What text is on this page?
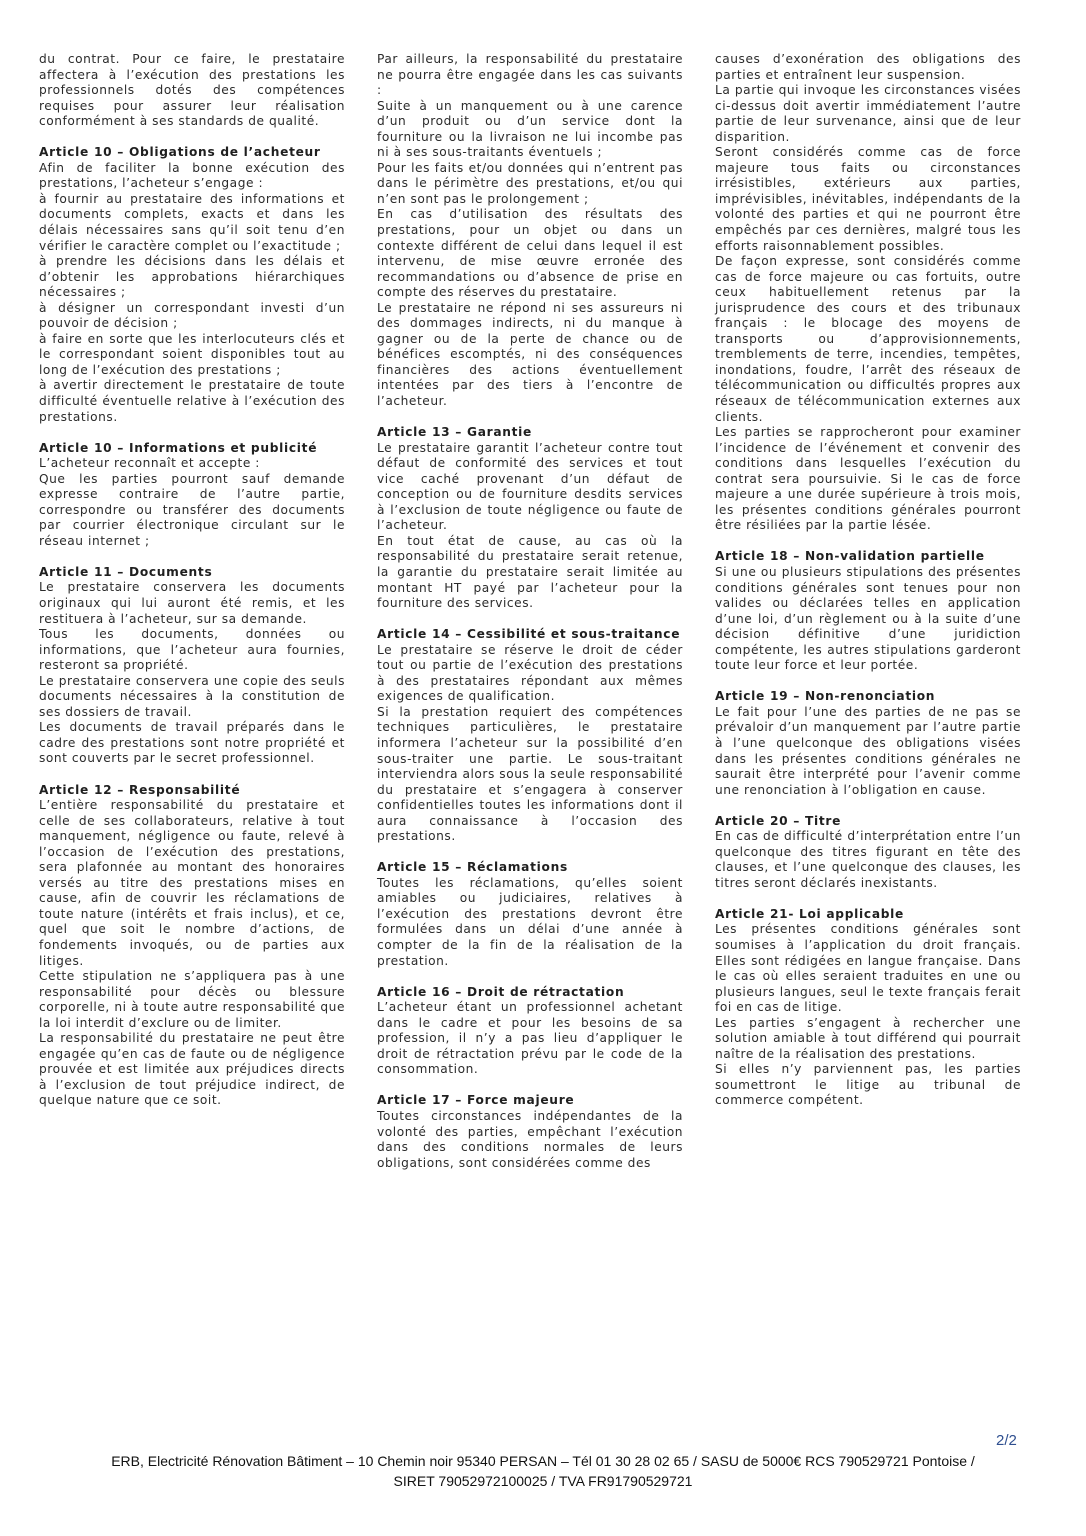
du contrat. Pour ce faire, le prestataire affectera à l’exécution des prestations les professionnels dotés des compétences requises pour assurer leur réalisation conformément à ses standards de qualité.

Article 10 – Obligations de l’acheteur

Afin de faciliter la bonne exécution des prestations, l’acheteur s’engage :

à fournir au prestataire des informations et documents complets, exacts et dans les délais nécessaires sans qu’il soit tenu d’en vérifier le caractère complet ou l’exactitude ;

à prendre les décisions dans les délais et d’obtenir les approbations hiérarchiques nécessaires ;

à désigner un correspondant investi d’un pouvoir de décision ;

à faire en sorte que les interlocuteurs clés et le correspondant soient disponibles tout au long de l’exécution des prestations ;

à avertir directement le prestataire de toute difficulté éventuelle relative à l’exécution des prestations.

Article 10 – Informations et publicité

L’acheteur reconnaît et accepte :

Que les parties pourront sauf demande expresse contraire de l’autre partie, correspondre ou transférer des documents par courrier électronique circulant sur le réseau internet ;

Article 11 – Documents

Le prestataire conservera les documents originaux qui lui auront été remis, et les restituera à l’acheteur, sur sa demande.

Tous les documents, données ou informations, que l’acheteur aura fournies, resteront sa propriété.

Le prestataire conservera une copie des seuls documents nécessaires à la constitution de ses dossiers de travail.

Les documents de travail préparés dans le cadre des prestations sont notre propriété et sont couverts par le secret professionnel.

Article 12 – Responsabilité

L’entière responsabilité du prestataire et celle de ses collaborateurs, relative à tout manquement, négligence ou faute, relevé à l’occasion de l’exécution des prestations, sera plafonnée au montant des honoraires versés au titre des prestations mises en cause, afin de couvrir les réclamations de toute nature (intérêts et frais inclus), et ce, quel que soit le nombre d’actions, de fondements invoqués, ou de parties aux litiges.

Cette stipulation ne s’appliquera pas à une responsabilité pour décès ou blessure corporelle, ni à toute autre responsabilité que la loi interdit d’exclure ou de limiter.

La responsabilité du prestataire ne peut être engagée qu’en cas de faute ou de négligence prouvée et est limitée aux préjudices directs à l’exclusion de tout préjudice indirect, de quelque nature que ce soit.

Par ailleurs, la responsabilité du prestataire ne pourra être engagée dans les cas suivants :

Suite à un manquement ou à une carence d’un produit ou d’un service dont la fourniture ou la livraison ne lui incombe pas ni à ses sous-traitants éventuels ;

Pour les faits et/ou données qui n’entrent pas dans le périmètre des prestations, et/ou qui n’en sont pas le prolongement ;

En cas d’utilisation des résultats des prestations, pour un objet ou dans un contexte différent de celui dans lequel il est intervenu, de mise œuvre erronée des recommandations ou d’absence de prise en compte des réserves du prestataire.

Le prestataire ne répond ni ses assureurs ni des dommages indirects, ni du manque à gagner ou de la perte de chance ou de bénéfices escomptés, ni des conséquences financières des actions éventuellement intentées par des tiers à l’encontre de l’acheteur.

Article 13 – Garantie

Le prestataire garantit l’acheteur contre tout défaut de conformité des services et tout vice caché provenant d’un défaut de conception ou de fourniture desdits services à l’exclusion de toute négligence ou faute de l’acheteur.

En tout état de cause, au cas où la responsabilité du prestataire serait retenue, la garantie du prestataire serait limitée au montant HT payé par l’acheteur pour la fourniture des services.

Article 14 – Cessibilité et sous-traitance

Le prestataire se réserve le droit de céder tout ou partie de l’exécution des prestations à des prestataires répondant aux mêmes exigences de qualification.

Si la prestation requiert des compétences techniques particulières, le prestataire informera l’acheteur sur la possibilité d’en sous-traiter une partie. Le sous-traitant interviendra alors sous la seule responsabilité du prestataire et s’engagera à conserver confidentielles toutes les informations dont il aura connaissance à l’occasion des prestations.

Article 15 – Réclamations

Toutes les réclamations, qu’elles soient amiables ou judiciaires, relatives à l’exécution des prestations devront être formulées dans un délai d’une année à compter de la fin de la réalisation de la prestation.

Article 16 – Droit de rétractation

L’acheteur étant un professionnel achetant dans le cadre et pour les besoins de sa profession, il n’y a pas lieu d’appliquer le droit de rétractation prévu par le code de la consommation.

Article 17 – Force majeure

Toutes circonstances indépendantes de la volonté des parties, empêchant l’exécution dans des conditions normales de leurs obligations, sont considérées comme des

causes d’exonération des obligations des parties et entraînent leur suspension.

La partie qui invoque les circonstances visées ci-dessus doit avertir immédiatement l’autre partie de leur survenance, ainsi que de leur disparition.

Seront considérés comme cas de force majeure tous faits ou circonstances irrésistibles, extérieurs aux parties, imprévisibles, inévitables, indépendants de la volonté des parties et qui ne pourront être empêchés par ces dernières, malgré tous les efforts raisonnablement possibles.

De façon expresse, sont considérés comme cas de force majeure ou cas fortuits, outre ceux habituellement retenus par la jurisprudence des cours et des tribunaux français : le blocage des moyens de transports ou d’approvisionnements, tremblements de terre, incendies, tempêtes, inondations, foudre, l’arrêt des réseaux de télécommunication ou difficultés propres aux réseaux de télécommunication externes aux clients.

Les parties se rapprocheront pour examiner l’incidence de l’événement et convenir des conditions dans lesquelles l’exécution du contrat sera poursuivie. Si le cas de force majeure a une durée supérieure à trois mois, les présentes conditions générales pourront être résiliées par la partie lésée.

Article 18 – Non-validation partielle

Si une ou plusieurs stipulations des présentes conditions générales sont tenues pour non valides ou déclarées telles en application d’une loi, d’un règlement ou à la suite d’une décision définitive d’une juridiction compétente, les autres stipulations garderont toute leur force et leur portée.

Article 19 – Non-renonciation

Le fait pour l’une des parties de ne pas se prévaloir d’un manquement par l’autre partie à l’une quelconque des obligations visées dans les présentes conditions générales ne saurait être interprété pour l’avenir comme une renonciation à l’obligation en cause.

Article 20 – Titre

En cas de difficulté d’interprétation entre l’un quelconque des titres figurant en tête des clauses, et l’une quelconque des clauses, les titres seront déclarés inexistants.

Article 21- Loi applicable

Les présentes conditions générales sont soumises à l’application du droit français. Elles sont rédigées en langue française. Dans le cas où elles seraient traduites en une ou plusieurs langues, seul le texte français ferait foi en cas de litige.

Les parties s’engagent à rechercher une solution amiable à tout différend qui pourrait naître de la réalisation des prestations.

Si elles n’y parviennent pas, les parties soumettront le litige au tribunal de commerce compétent.

2/2
ERB, Electricité Rénovation Bâtiment – 10 Chemin noir 95340 PERSAN – Tél 01 30 28 02 65 / SASU de 5000€ RCS 790529721 Pontoise /
SIRET 79052972100025 / TVA FR91790529721
